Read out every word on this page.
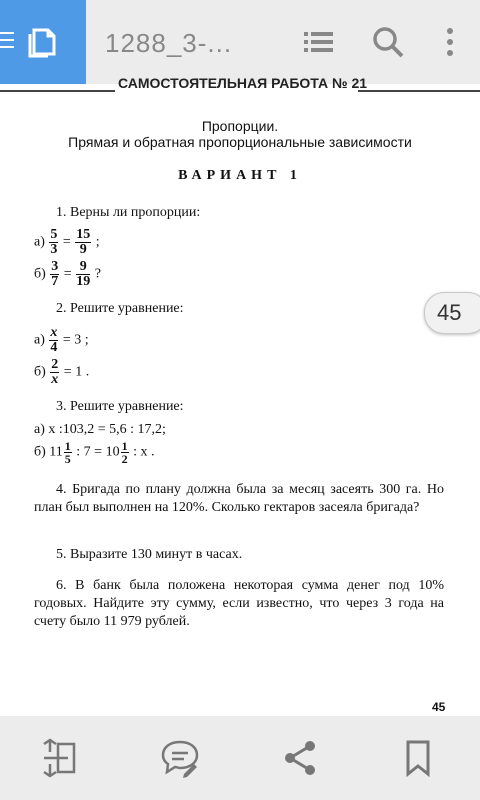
1288_3-...
САМОСТОЯТЕЛЬНАЯ РАБОТА № 21
Пропорции.
Прямая и обратная пропорциональные зависимости
ВАРИАНТ 1
1. Верны ли пропорции:
$а) \frac{5}{3} = \frac{15}{9}$ ;
$б) \frac{3}{7} = \frac{9}{19}$ ?
2. Решите уравнение:
$а) \frac{x}{4} = 3$ ;
$б) \frac{2}{x} = 1$ .
3. Решите уравнение:
а) x :103,2 = 5,6 : 17,2;
б) $11 \frac{1}{5}$ : $7 = 10 \frac{1}{2}$ : x .
4. Бригада по плану должна была за месяц засеять 300 га. Но план был выполнен на 120%. Сколько гектаров засеяла бригада?
5. Выразите 130 минут в часах.
6. В банк была положена некоторая сумма денег под 10% годовых. Найдите эту сумму, если известно, что через 3 года на счету было 11 979 рублей.
45
45
